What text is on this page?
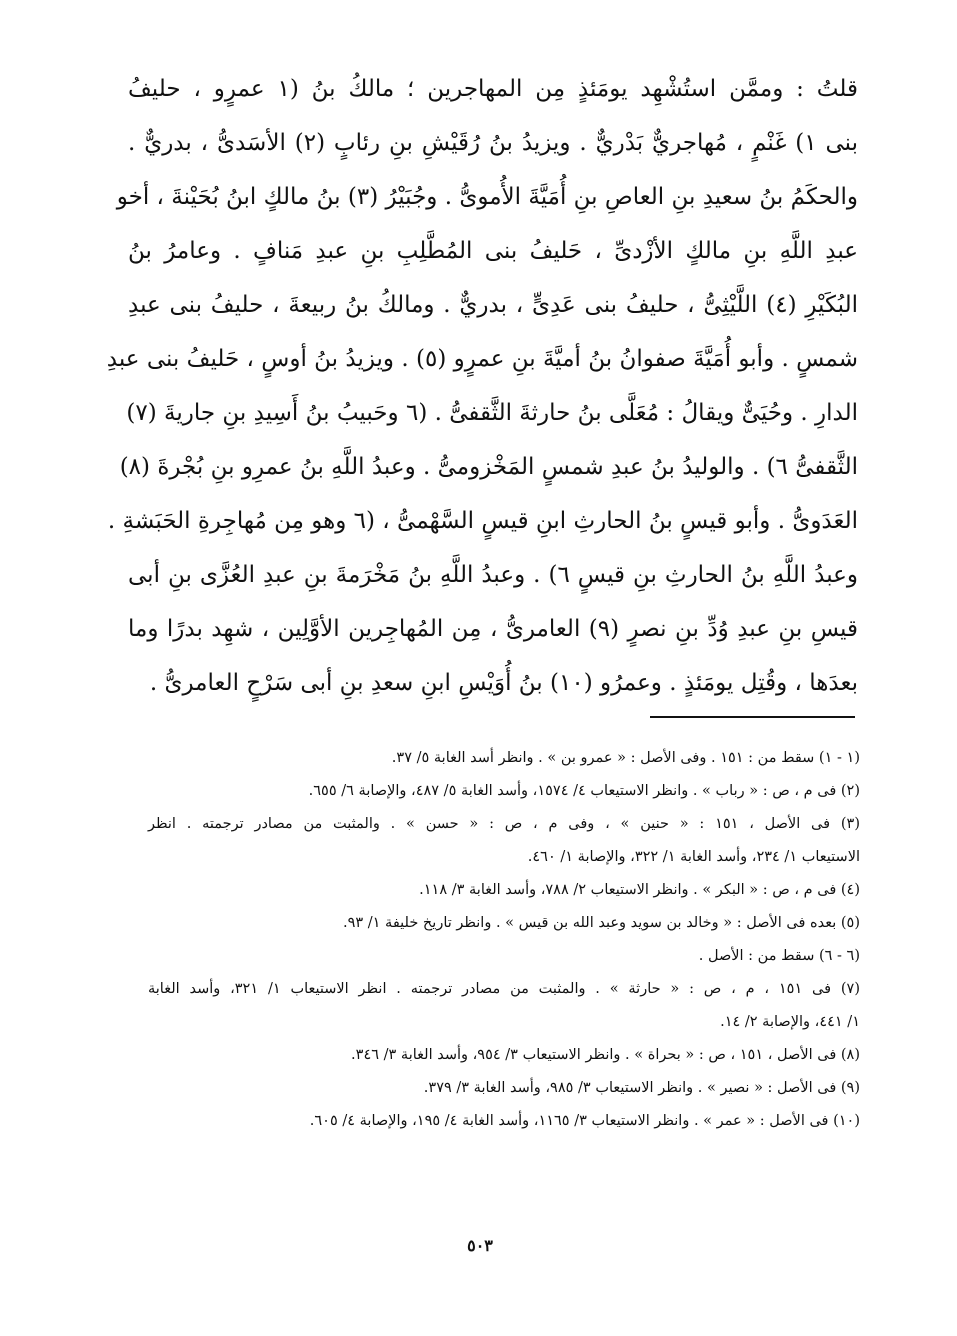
قلتُ : وممَّن استُشْهِد يومَئذٍ مِن المهاجرين ؛ مالكُ بنُ (١ عمرٍو ، حليفُ
بنى ١) غَنْمٍ ، مُهاجريٌّ بَدْريٌّ . ويزيدُ بنُ رُقَيْشِ بنِ رئابٍ (٢) الأسَدىُّ ، بدريٌّ .
والحكَمُ بنُ سعيدِ بنِ العاصِ بنِ أُمَيَّةَ الأُموىُّ . وجُبَيْرُ (٣) بنُ مالكٍ ابنُ بُحَيْنةَ ، أخو
عبدِ اللَّهِ بنِ مالكٍ الأزْدىِّ ، حَليفُ بنى المُطَّلِبِ بنِ عبدِ مَنافٍ . وعامرُ بنُ
البُكَيْرِ (٤) اللَّيْثِىُّ ، حليفُ بنى عَدِىٍّ ، بدريٌّ . ومالكُ بنُ ربيعةَ ، حليفُ بنى عبدِ
شمسٍ . وأبو أُمَيَّةَ صفوانُ بنُ أميَّةَ بنِ عمرٍو (٥) . ويزيدُ بنُ أوسٍ ، حَليفُ بنى عبدِ
الدارِ . وحُيَىٌّ ويقالُ : مُعَلَّى بنُ حارثةَ الثَّقفىُّ . (٦ وحَبيبُ بنُ أَسِيدِ بنِ جاريةَ (٧)
الثَّقفىُّ ٦) . والوليدُ بنُ عبدِ شمسٍ المَخْزومىُّ . وعبدُ اللَّهِ بنُ عمرِو بنِ بُجْرةَ (٨)
العَدَوىُّ . وأبو قيسٍ بنُ الحارثِ ابنِ قيسٍ السَّهْمىُّ ، (٦ وهو مِن مُهاجِرةِ الحَبَشةِ .
وعبدُ اللَّهِ بنُ الحارثِ بنِ قيسٍ ٦) . وعبدُ اللَّهِ بنُ مَخْرَمةَ بنِ عبدِ العُزَّى بنِ أبى
قيسِ بنِ عبدِ وُدِّ بنِ نصرٍ (٩) العامرىُّ ، مِن المُهاجِرين الأوَّلِين ، شهِد بدرًا وما
بعدَها ، وقُتِل يومَئذٍ . وعمرُو (١٠) بنُ أُوَيْسِ ابنِ سعدِ بنِ أبى سَرْحٍ العامرىُّ .
(١ - ١) سقط من : ١٥١ . وفى الأصل : « عمرو بن » . وانظر أسد الغابة ٥/ ٣٧.
(٢) فى م ، ص : « رباب » . وانظر الاستيعاب ٤/ ١٥٧٤، وأسد الغابة ٥/ ٤٨٧، والإصابة ٦/ ٦٥٥.
(٣) فى الأصل ، ١٥١ : « حنين » ، وفى م ، ص : « حسن » . والمثبت من مصادر ترجمته . انظر
الاستيعاب ١/ ٢٣٤، وأسد الغابة ١/ ٣٢٢، والإصابة ١/ ٤٦٠.
(٤) فى م ، ص : « البكر » . وانظر الاستيعاب ٢/ ٧٨٨، وأسد الغابة ٣/ ١١٨.
(٥) بعده فى الأصل : « وخالد بن سويد وعبد الله بن قيس » . وانظر تاريخ خليفة ١/ ٩٣.
(٦ - ٦) سقط من : الأصل .
(٧) فى ١٥١ ، م ، ص : « حارثة » . والمثبت من مصادر ترجمته . انظر الاستيعاب ١/ ٣٢١، وأسد الغابة
١/ ٤٤١، والإصابة ٢/ ١٤.
(٨) فى الأصل ، ١٥١ ، ص : « بحراة » . وانظر الاستيعاب ٣/ ٩٥٤، وأسد الغابة ٣/ ٣٤٦.
(٩) فى الأصل : « نصير » . وانظر الاستيعاب ٣/ ٩٨٥، وأسد الغابة ٣/ ٣٧٩.
(١٠) فى الأصل : « عمر » . وانظر الاستيعاب ٣/ ١١٦٥، وأسد الغابة ٤/ ١٩٥، والإصابة ٤/ ٦٠٥.
٥٠٣
